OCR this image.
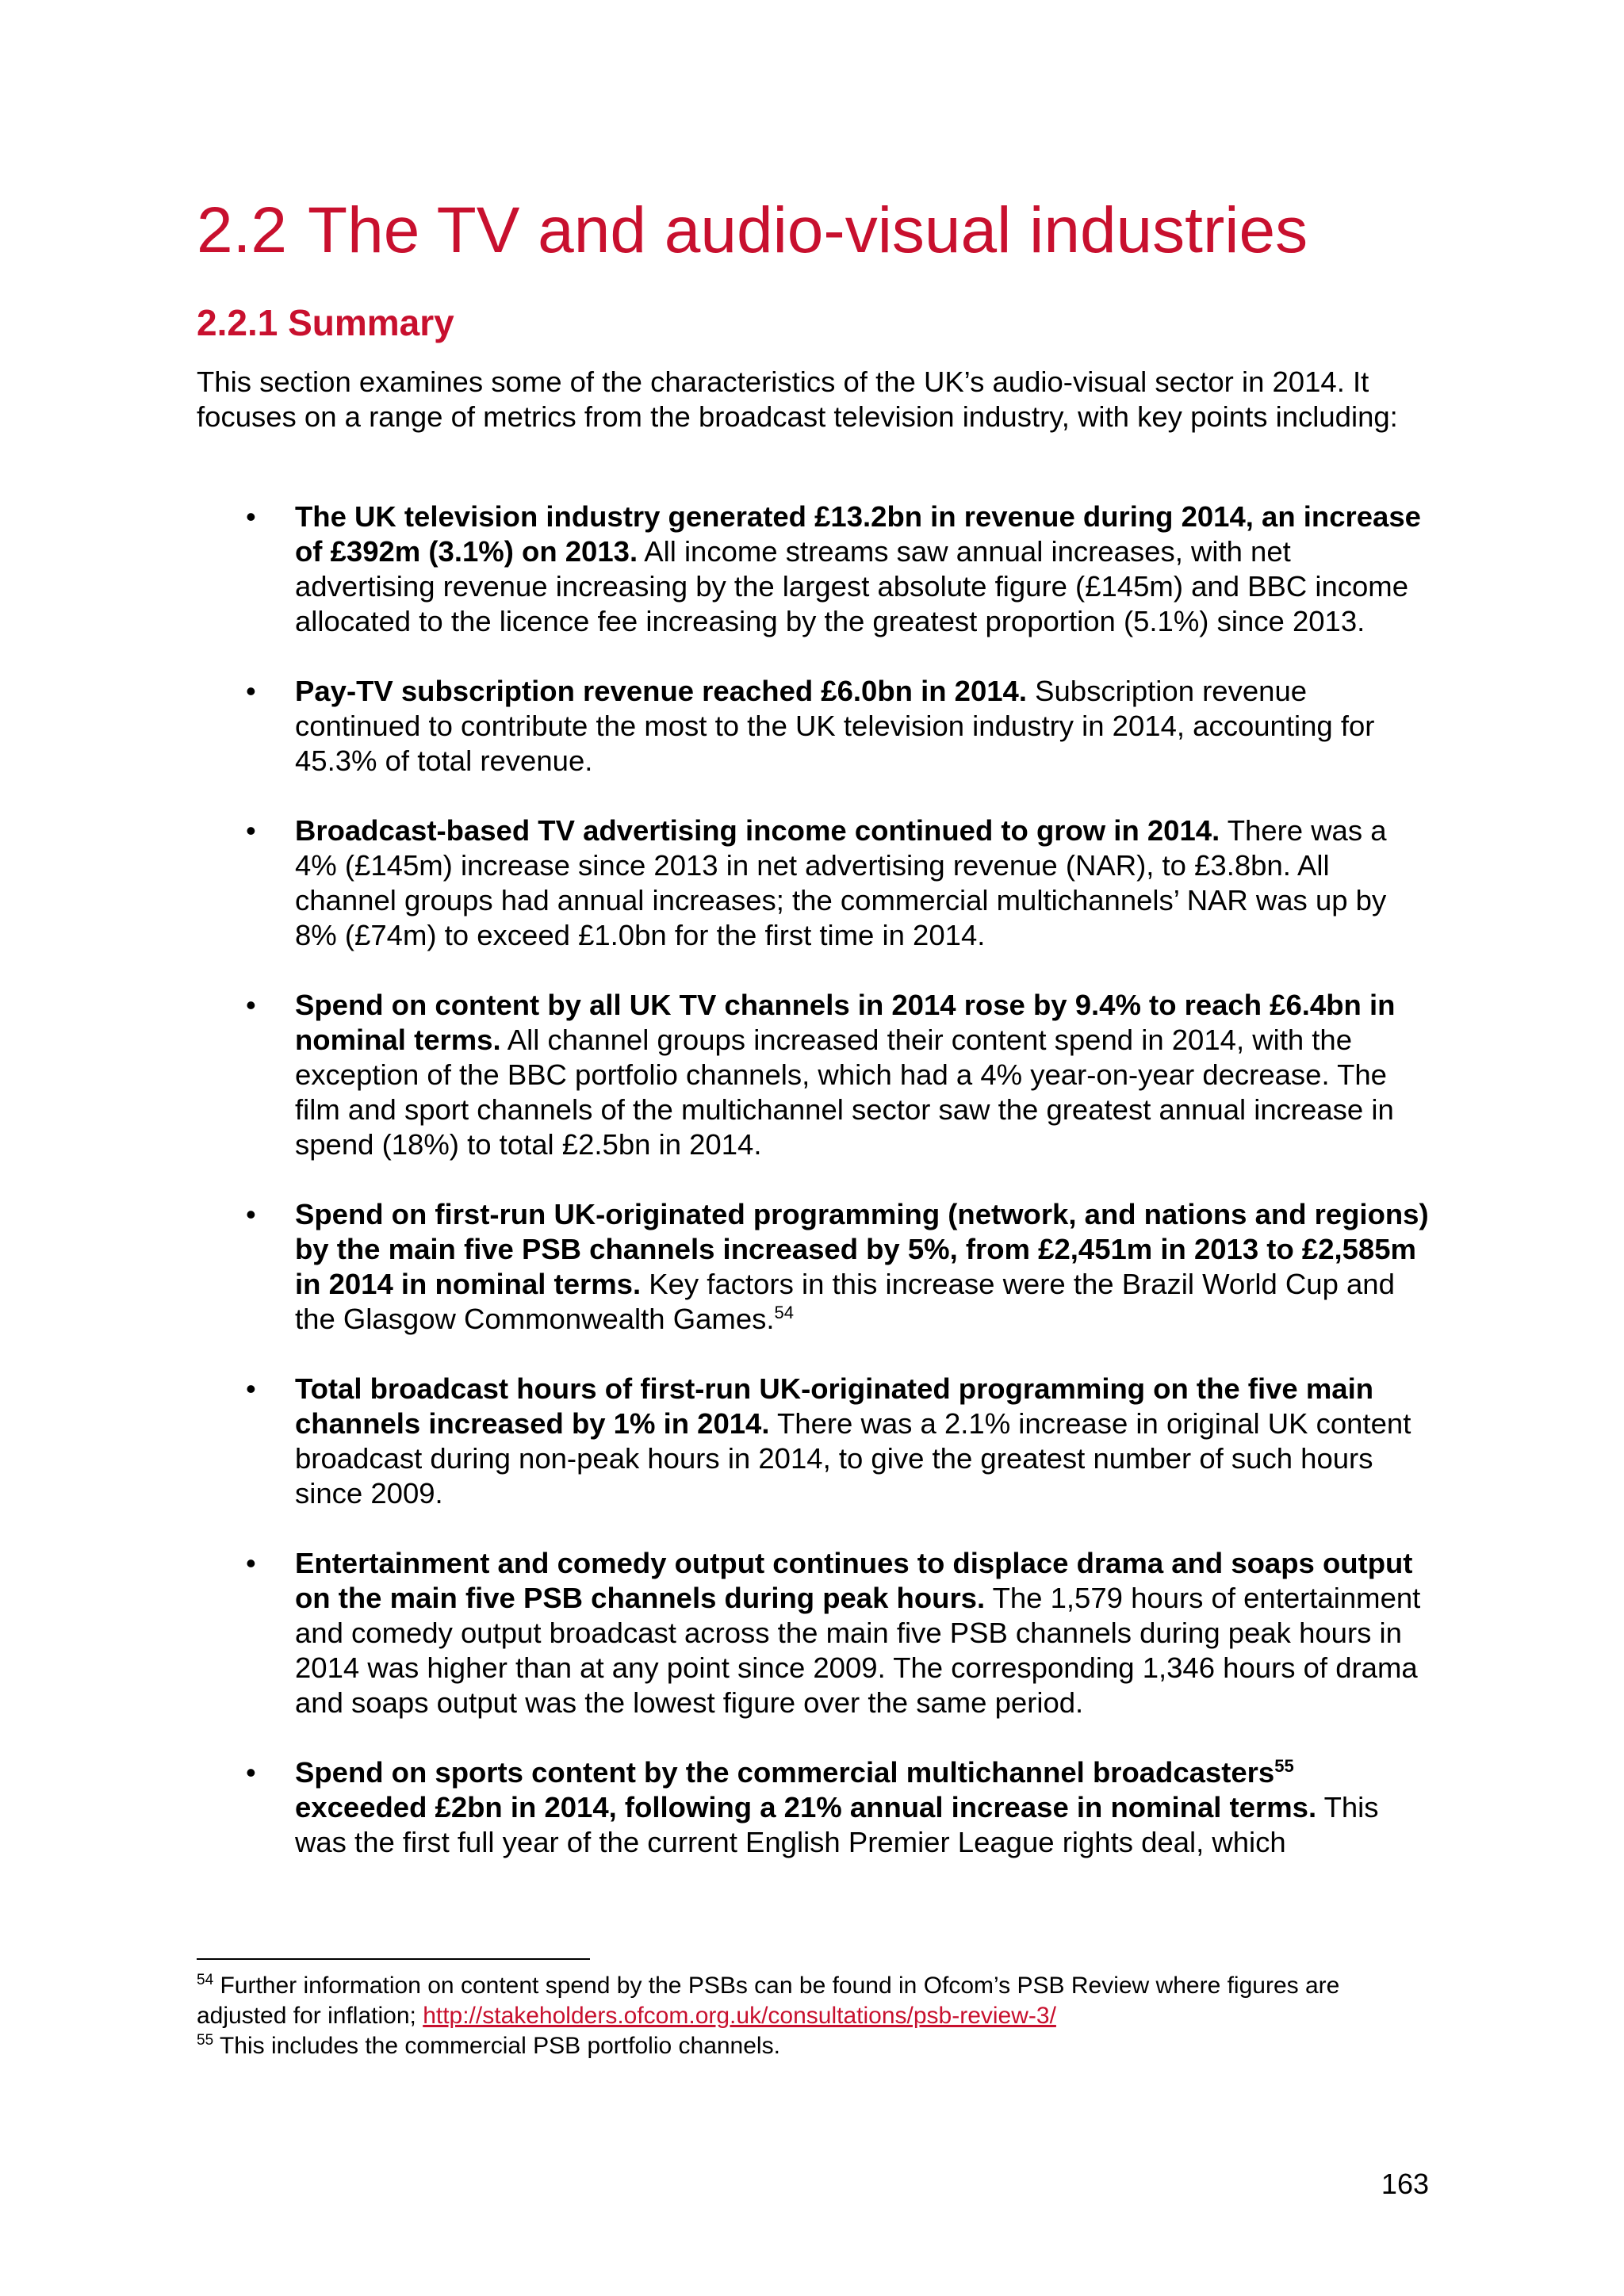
2.2 The TV and audio-visual industries
2.2.1 Summary

This section examines some of the characteristics of the UK’s audio-visual sector in 2014. It focuses on a range of metrics from the broadcast television industry, with key points including:

• The UK television industry generated £13.2bn in revenue during 2014, an increase of £392m (3.1%) on 2013. All income streams saw annual increases, with net advertising revenue increasing by the largest absolute figure (£145m) and BBC income allocated to the licence fee increasing by the greatest proportion (5.1%) since 2013.
• Pay-TV subscription revenue reached £6.0bn in 2014. Subscription revenue continued to contribute the most to the UK television industry in 2014, accounting for 45.3% of total revenue.
• Broadcast-based TV advertising income continued to grow in 2014. There was a 4% (£145m) increase since 2013 in net advertising revenue (NAR), to £3.8bn. All channel groups had annual increases; the commercial multichannels’ NAR was up by 8% (£74m) to exceed £1.0bn for the first time in 2014.
• Spend on content by all UK TV channels in 2014 rose by 9.4% to reach £6.4bn in nominal terms. All channel groups increased their content spend in 2014, with the exception of the BBC portfolio channels, which had a 4% year-on-year decrease. The film and sport channels of the multichannel sector saw the greatest annual increase in spend (18%) to total £2.5bn in 2014.
• Spend on first-run UK-originated programming (network, and nations and regions) by the main five PSB channels increased by 5%, from £2,451m in 2013 to £2,585m in 2014 in nominal terms. Key factors in this increase were the Brazil World Cup and the Glasgow Commonwealth Games.$^{54}$
• Total broadcast hours of first-run UK-originated programming on the five main channels increased by 1% in 2014. There was a 2.1% increase in original UK content broadcast during non-peak hours in 2014, to give the greatest number of such hours since 2009.
• Entertainment and comedy output continues to displace drama and soaps output on the main five PSB channels during peak hours. The 1,579 hours of entertainment and comedy output broadcast across the main five PSB channels during peak hours in 2014 was higher than at any point since 2009. The corresponding 1,346 hours of drama and soaps output was the lowest figure over the same period.
• Spend on sports content by the commercial multichannel broadcasters$^{55}$ exceeded £2bn in 2014, following a 21% annual increase in nominal terms. This was the first full year of the current English Premier League rights deal, which

$^{54}$ Further information on content spend by the PSBs can be found in Ofcom’s PSB Review where figures are adjusted for inflation; http://stakeholders.ofcom.org.uk/consultations/psb-review-3/

$^{55}$ This includes the commercial PSB portfolio channels.

163
